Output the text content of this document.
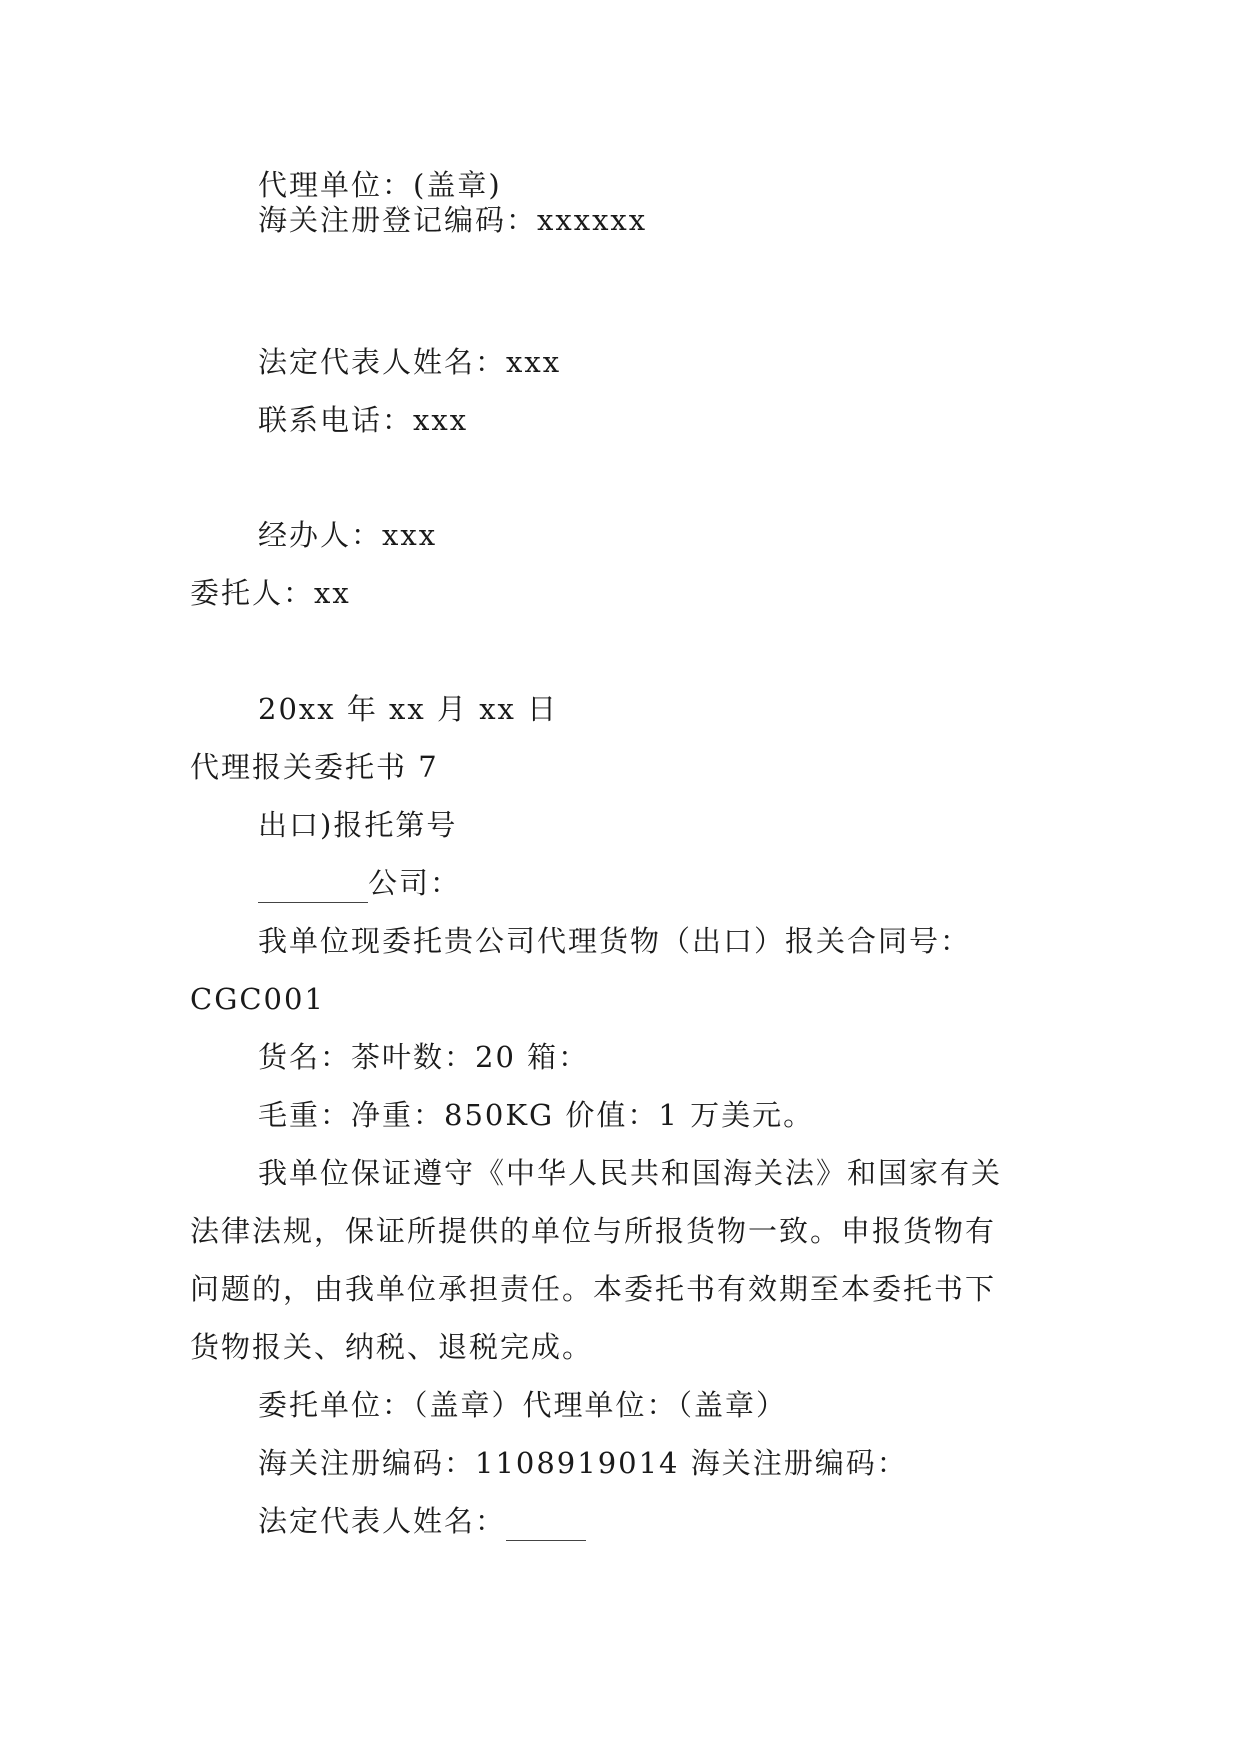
代理单位：(盖章)
海关注册登记编码：xxxxxx
法定代表人姓名：xxx
联系电话：xxx
经办人：xxx
委托人：xx
20xx 年 xx 月 xx 日
代理报关委托书 7
出口)报托第号
公司：
我单位现委托贵公司代理货物（出口）报关合同号：
CGC001
货名：茶叶数：20 箱：
毛重：净重：850KG 价值：1 万美元。
我单位保证遵守《中华人民共和国海关法》和国家有关
法律法规，保证所提供的单位与所报货物一致。申报货物有
问题的，由我单位承担责任。本委托书有效期至本委托书下
货物报关、纳税、退税完成。
委托单位：（盖章）代理单位：（盖章）
海关注册编码：1108919014 海关注册编码：
法定代表人姓名：
